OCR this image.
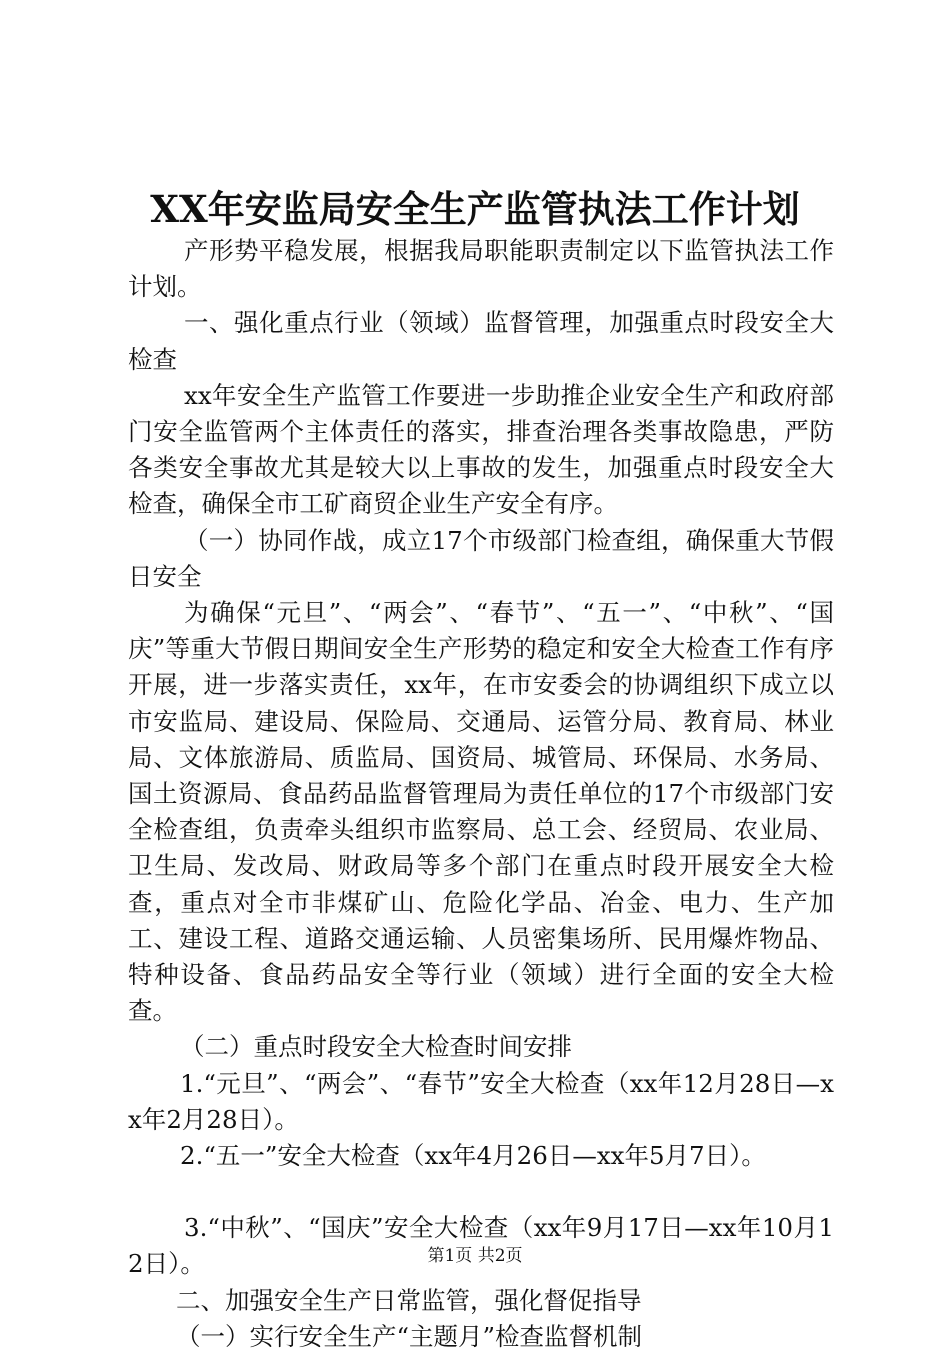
XX年安监局安全生产监管执法工作计划

产形势平稳发展，根据我局职能职责制定以下监管执法工作计划。

一、强化重点行业（领域）监督管理，加强重点时段安全大检查

xx年安全生产监管工作要进一步助推企业安全生产和政府部门安全监管两个主体责任的落实，排查治理各类事故隐患，严防各类安全事故尤其是较大以上事故的发生，加强重点时段安全大检查，确保全市工矿商贸企业生产安全有序。

（一）协同作战，成立17个市级部门检查组，确保重大节假日安全

为确保“元旦”、“两会”、“春节”、“五一”、“中秋”、“国庆”等重大节假日期间安全生产形势的稳定和安全大检查工作有序开展，进一步落实责任，xx年，在市安委会的协调组织下成立以市安监局、建设局、保险局、交通局、运管分局、教育局、林业局、文体旅游局、质监局、国资局、城管局、环保局、水务局、国土资源局、食品药品监督管理局为责任单位的17个市级部门安全检查组，负责牵头组织市监察局、总工会、经贸局、农业局、卫生局、发改局、财政局等多个部门在重点时段开展安全大检查，重点对全市非煤矿山、危险化学品、冶金、电力、生产加工、建设工程、道路交通运输、人员密集场所、民用爆炸物品、特种设备、食品药品安全等行业（领域）进行全面的安全大检查。

（二）重点时段安全大检查时间安排

1.“元旦”、“两会”、“春节”安全大检查（xx年12月28日—xx年2月28日）。

2.“五一”安全大检查（xx年4月26日—xx年5月7日）。

3.“中秋”、“国庆”安全大检查（xx年9月17日—xx年10月12日）。

二、加强安全生产日常监管，强化督促指导

（一）实行安全生产“主题月”检查监督机制

第1页 共2页
